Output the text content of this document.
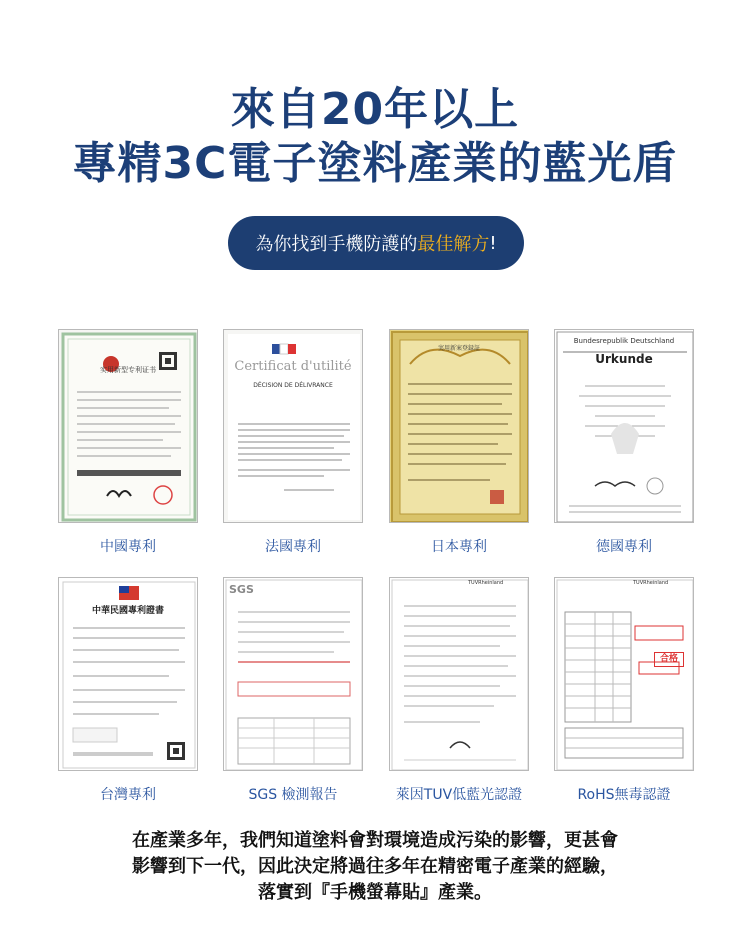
來自20年以上
專精3C電子塗料產業的藍光盾
為你找到手機防護的 最佳解方 !
实用新型专利证书
中國專利
Certificat d'utilité
DÉCISION DE DÉLIVRANCE
法國專利
実用新案登録証
日本專利
Bundesrepublik Deutschland
Urkunde
德國專利
中華民國專利證書
台灣專利
SGS
SGS 檢測報告
TÜVRheinland
萊因TUV低藍光認證
TÜVRheinland
合格
RoHS無毒認證
在產業多年，我們知道塗料會對環境造成污染的影響，更甚會
影響到下一代，因此決定將過往多年在精密電子產業的經驗，
落實到『手機螢幕貼』產業。
